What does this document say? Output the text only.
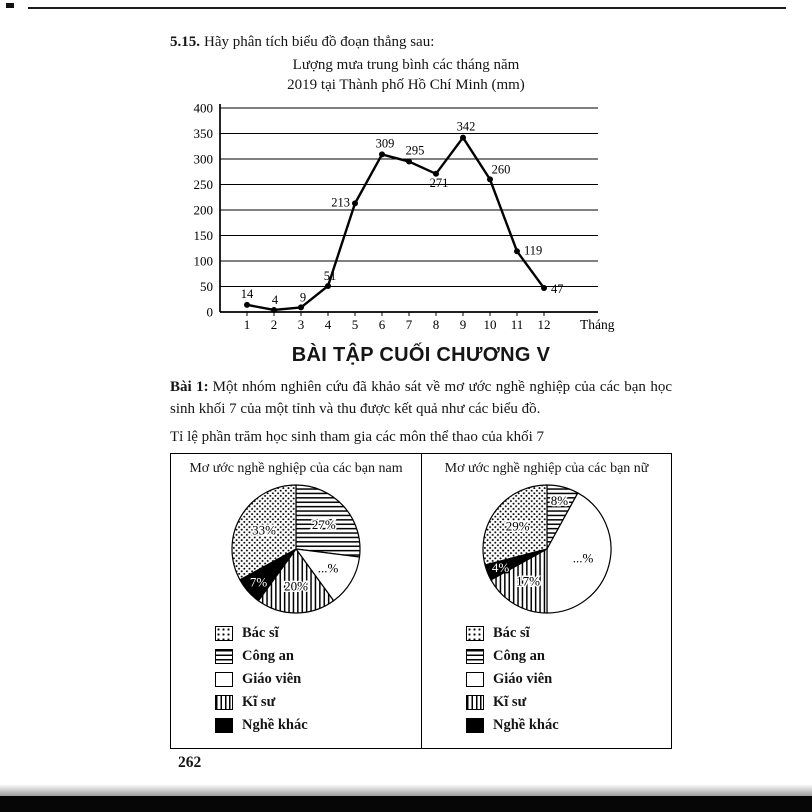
5.15. Hãy phân tích biểu đồ đoạn thẳng sau:

Lượng mưa trung bình các tháng năm
2019 tại Thành phố Hồ Chí Minh (mm)
0
50
100
150
200
250
300
350
400
1 2 3 4 5 6 7 8 9 10 11 12 Tháng
14 4 9
51
213
309
295
271
342
260
119
47
BÀI TẬP CUỐI CHƯƠNG V

Bài 1: Một nhóm nghiên cứu đã khảo sát về mơ ước nghề nghiệp của các bạn học sinh khối 7 của một tỉnh và thu được kết quả như các biểu đồ.

Tỉ lệ phần trăm học sinh tham gia các môn thể thao của khối 7

Mơ ước nghề nghiệp của các bạn nam
27%
...%
20%
7%
33%
Bác sĩ
Công an
Giáo viên
Kĩ sư
Nghề khác
Mơ ước nghề nghiệp của các bạn nữ
8%
...%
17%
4%
29%
Bác sĩ
Công an
Giáo viên
Kĩ sư
Nghề khác
262
